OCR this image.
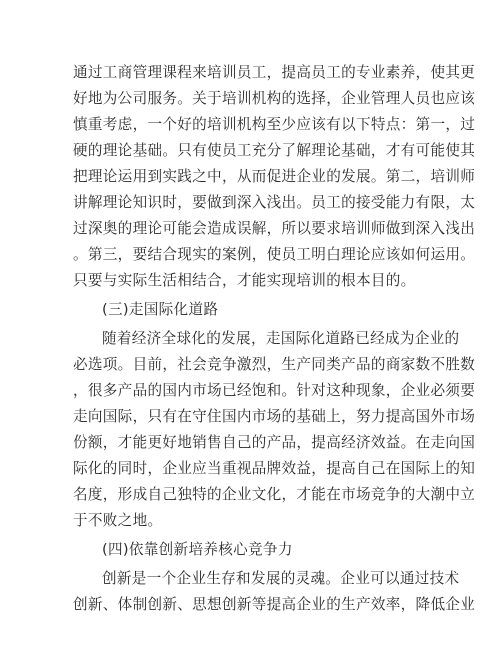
通过工商管理课程来培训员工，提高员工的专业素养，使其更
好地为公司服务。关于培训机构的选择，企业管理人员也应该
慎重考虑，一个好的培训机构至少应该有以下特点：第一，过
硬的理论基础。只有使员工充分了解理论基础，才有可能使其
把理论运用到实践之中，从而促进企业的发展。第二，培训师
讲解理论知识时，要做到深入浅出。员工的接受能力有限，太
过深奥的理论可能会造成误解，所以要求培训师做到深入浅出
。第三，要结合现实的案例，使员工明白理论应该如何运用。
只要与实际生活相结合，才能实现培训的根本目的。
(三)走国际化道路
随着经济全球化的发展，走国际化道路已经成为企业的
必选项。目前，社会竞争激烈，生产同类产品的商家数不胜数
，很多产品的国内市场已经饱和。针对这种现象，企业必须要
走向国际，只有在守住国内市场的基础上，努力提高国外市场
份额，才能更好地销售自己的产品，提高经济效益。在走向国
际化的同时，企业应当重视品牌效益，提高自己在国际上的知
名度，形成自己独特的企业文化，才能在市场竞争的大潮中立
于不败之地。
(四)依靠创新培养核心竞争力
创新是一个企业生存和发展的灵魂。企业可以通过技术
创新、体制创新、思想创新等提高企业的生产效率，降低企业
